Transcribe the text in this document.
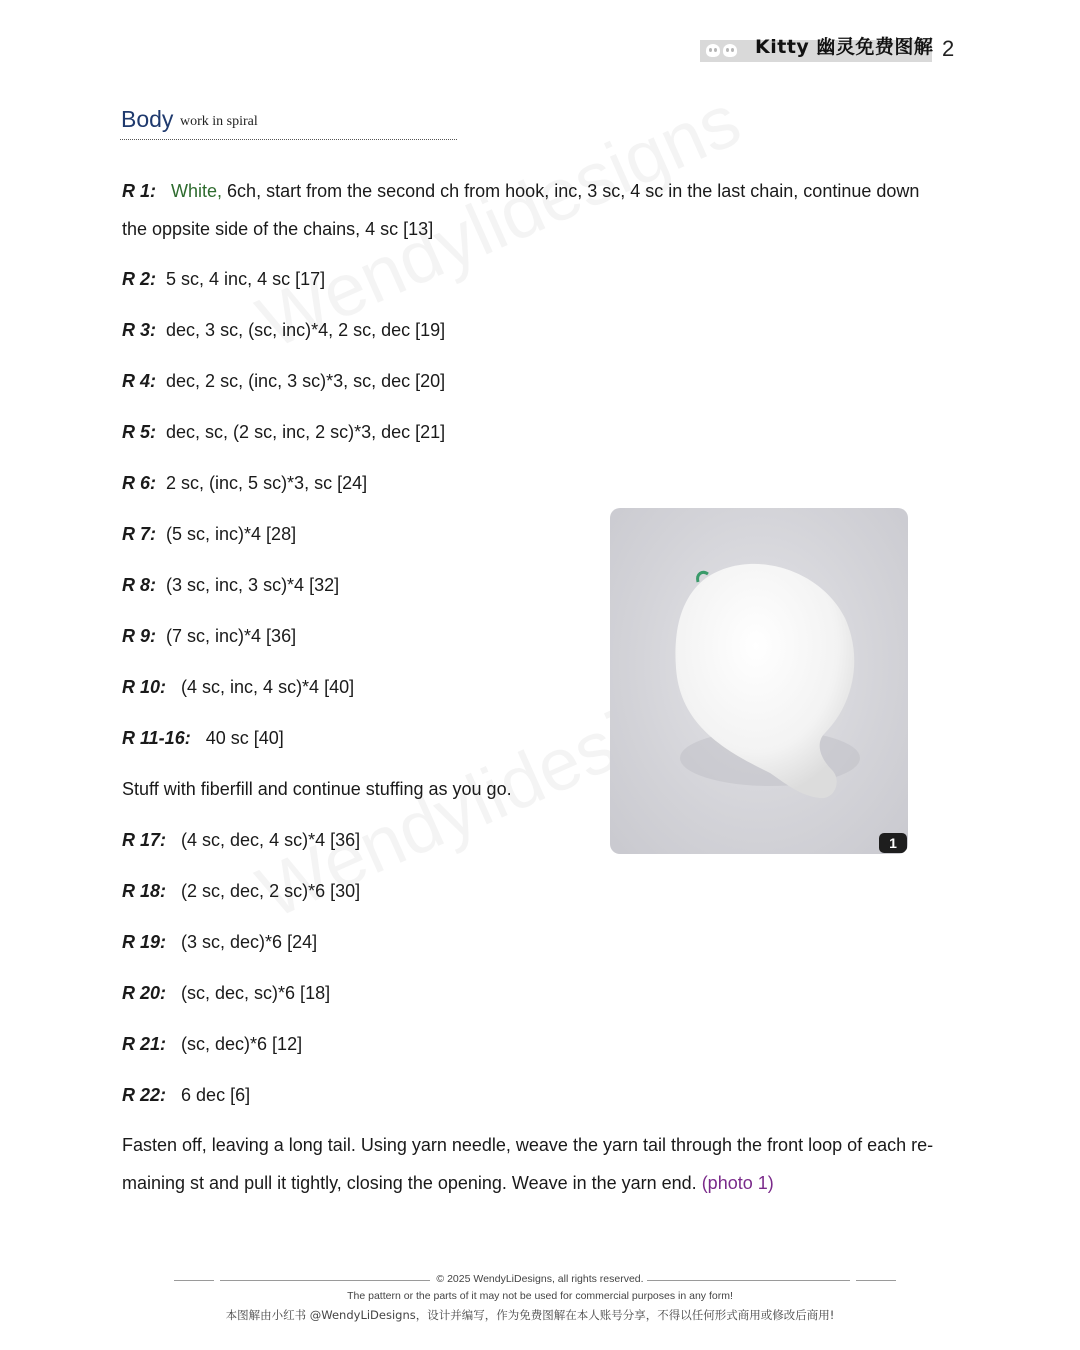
Kitty 幽灵免费图解 2
Body work in spiral
R 1: White, 6ch, start from the second ch from hook, inc, 3 sc, 4 sc in the last chain, continue down the oppsite side of the chains, 4 sc [13]
R 2: 5 sc, 4 inc, 4 sc [17]
R 3: dec, 3 sc, (sc, inc)*4, 2 sc, dec [19]
R 4: dec, 2 sc, (inc, 3 sc)*3, sc, dec [20]
R 5: dec, sc, (2 sc, inc, 2 sc)*3, dec [21]
R 6: 2 sc, (inc, 5 sc)*3, sc [24]
R 7: (5 sc, inc)*4 [28]
R 8: (3 sc, inc, 3 sc)*4 [32]
R 9: (7 sc, inc)*4 [36]
R 10: (4 sc, inc, 4 sc)*4 [40]
R 11-16: 40 sc [40]
Stuff with fiberfill and continue stuffing as you go.
R 17: (4 sc, dec, 4 sc)*4 [36]
R 18: (2 sc, dec, 2 sc)*6 [30]
R 19: (3 sc, dec)*6 [24]
R 20: (sc, dec, sc)*6 [18]
R 21: (sc, dec)*6 [12]
R 22: 6 dec [6]
Fasten off, leaving a long tail. Using yarn needle, weave the yarn tail through the front loop of each re-maining st and pull it tightly, closing the opening. Weave in the yarn end. (photo 1)
1
© 2025 WendyLiDesigns, all rights reserved.
The pattern or the parts of it may not be used for commercial purposes in any form!
本图解由小红书 @WendyLiDesigns，设计并编写，作为免费图解在本人账号分享，不得以任何形式商用或修改后商用!
